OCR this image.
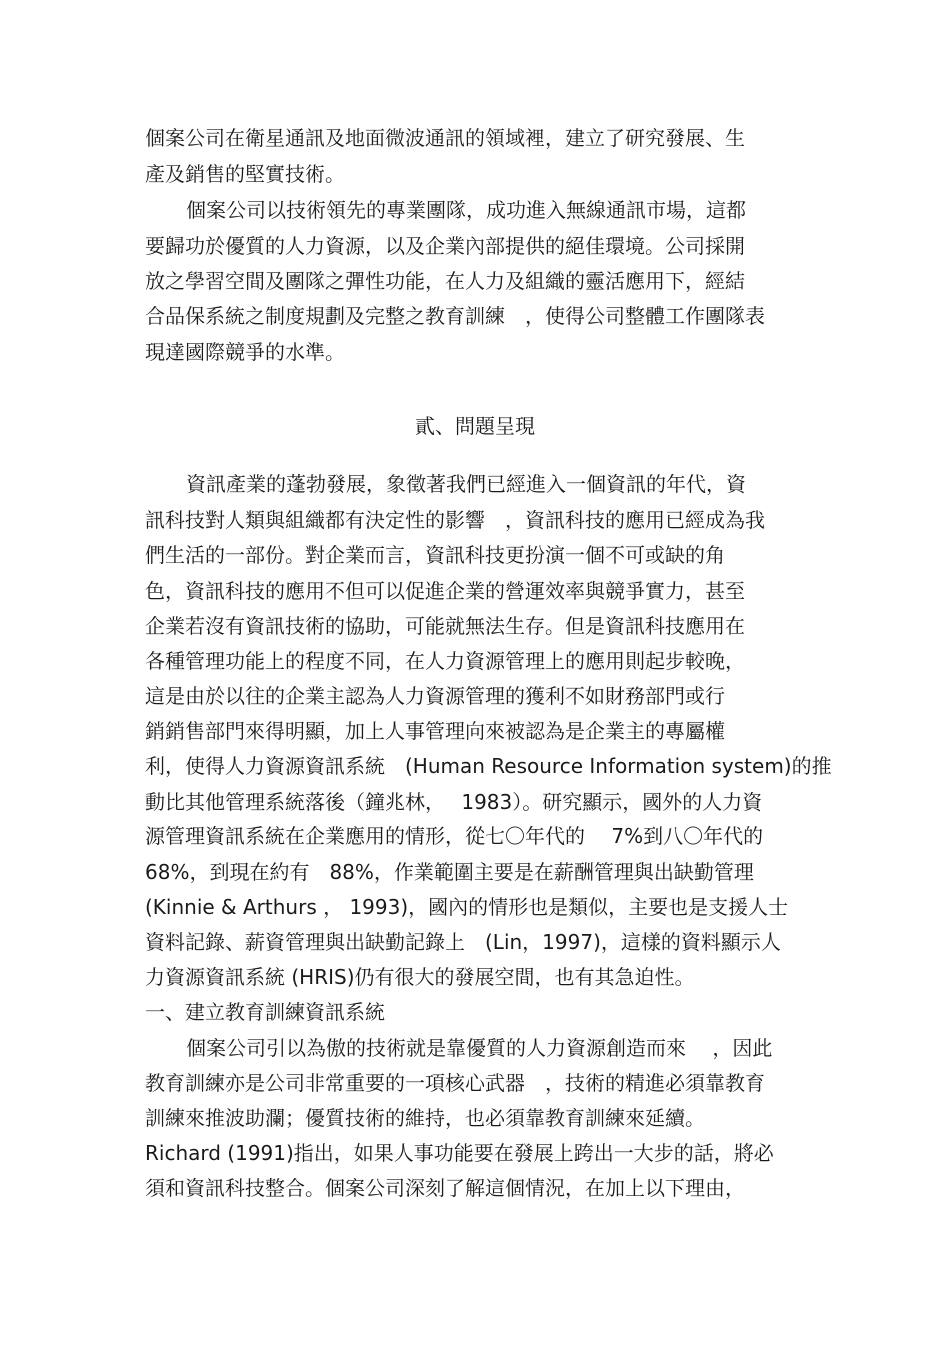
個案公司在衛星通訊及地面微波通訊的領域裡，建立了研究發展、生
產及銷售的堅實技術。
個案公司以技術領先的專業團隊，成功進入無線通訊市場，這都
要歸功於優質的人力資源，以及企業內部提供的絕佳環境。公司採開
放之學習空間及團隊之彈性功能，在人力及組織的靈活應用下，經結
合品保系統之制度規劃及完整之教育訓練　，使得公司整體工作團隊表
現達國際競爭的水準。
貳、問題呈現
資訊產業的蓬勃發展，象徵著我們已經進入一個資訊的年代，資
訊科技對人類與組織都有決定性的影響　，資訊科技的應用已經成為我
們生活的一部份。對企業而言，資訊科技更扮演一個不可或缺的角
色，資訊科技的應用不但可以促進企業的營運效率與競爭實力，甚至
企業若沒有資訊技術的協助，可能就無法生存。但是資訊科技應用在
各種管理功能上的程度不同，在人力資源管理上的應用則起步較晚，
這是由於以往的企業主認為人力資源管理的獲利不如財務部門或行
銷銷售部門來得明顯，加上人事管理向來被認為是企業主的專屬權
利，使得人力資源資訊系統　(Human Resource Information system)的推
動比其他管理系統落後（鐘兆林，　 1983）。研究顯示，國外的人力資
源管理資訊系統在企業應用的情形，從七〇年代的　 7%到八〇年代的
68%，到現在約有　88%，作業範圍主要是在薪酬管理與出缺勤管理
(Kinnie & Arthurs ， 1993)，國內的情形也是類似，主要也是支援人士
資料記錄、薪資管理與出缺勤記錄上　(Lin，1997)，這樣的資料顯示人
力資源資訊系統 (HRIS)仍有很大的發展空間，也有其急迫性。
一、建立教育訓練資訊系統
個案公司引以為傲的技術就是靠優質的人力資源創造而來　 ，因此
教育訓練亦是公司非常重要的一項核心武器　，技術的精進必須靠教育
訓練來推波助瀾；優質技術的維持，也必須靠教育訓練來延續。
Richard (1991)指出，如果人事功能要在發展上跨出一大步的話，將必
須和資訊科技整合。個案公司深刻了解這個情況，在加上以下理由，
